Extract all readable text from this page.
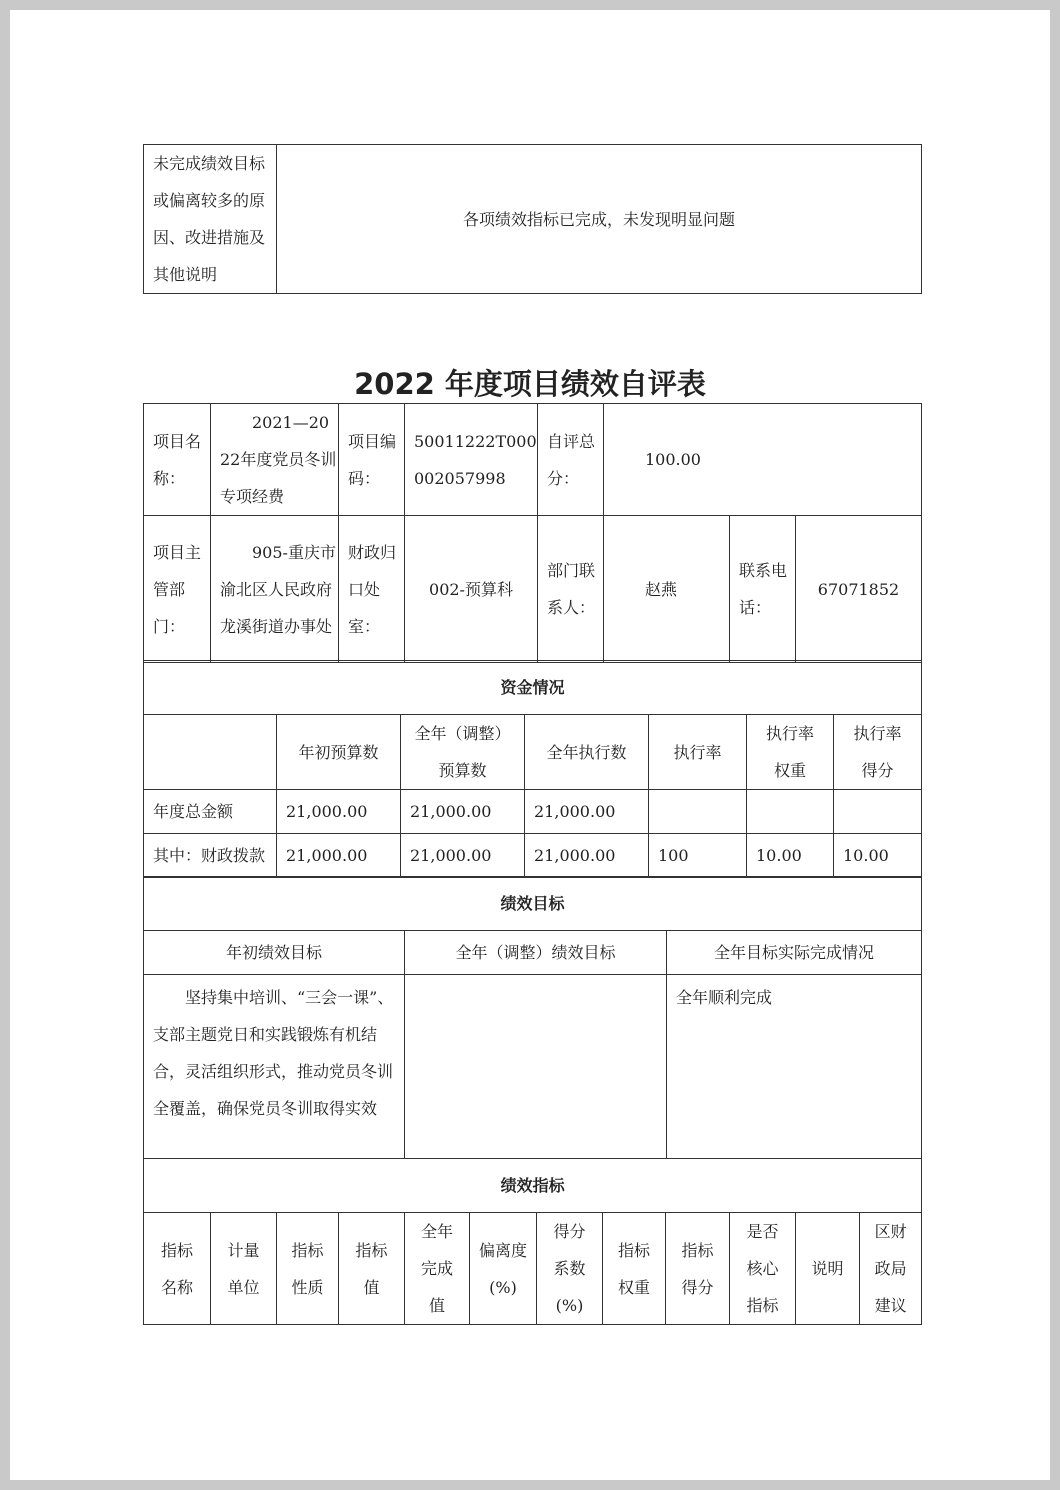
未完成绩效目标或偏离较多的原因、改进措施及其他说明	各项绩效指标已完成，未发现明显问题
2022 年度项目绩效自评表
项目名称：	2021—2022年度党员冬训专项经费	项目编码：	50011222T000002057998	自评总分：	100.00		
项目主管部门：	905-重庆市渝北区人民政府龙溪街道办事处	财政归口处室：	002-预算科	部门联系人：	赵燕	联系电话：	67071852
资金情况						
	年初预算数	全年（调整）预算数	全年执行数	执行率	执行率权重	执行率得分
年度总金额	21,000.00	21,000.00	21,000.00			
其中：财政拨款	21,000.00	21,000.00	21,000.00	100	10.00	10.00
绩效目标		
年初绩效目标	全年（调整）绩效目标	全年目标实际完成情况
坚持集中培训、“三会一课”、支部主题党日和实践锻炼有机结合，灵活组织形式，推动党员冬训全覆盖，确保党员冬训取得实效		全年顺利完成
绩效指标
指标名称	计量单位	指标性质	指标值	全年完成值	偏离度(%)	得分系数(%)	指标权重	指标得分	是否核心指标	说明	区财政局建议
